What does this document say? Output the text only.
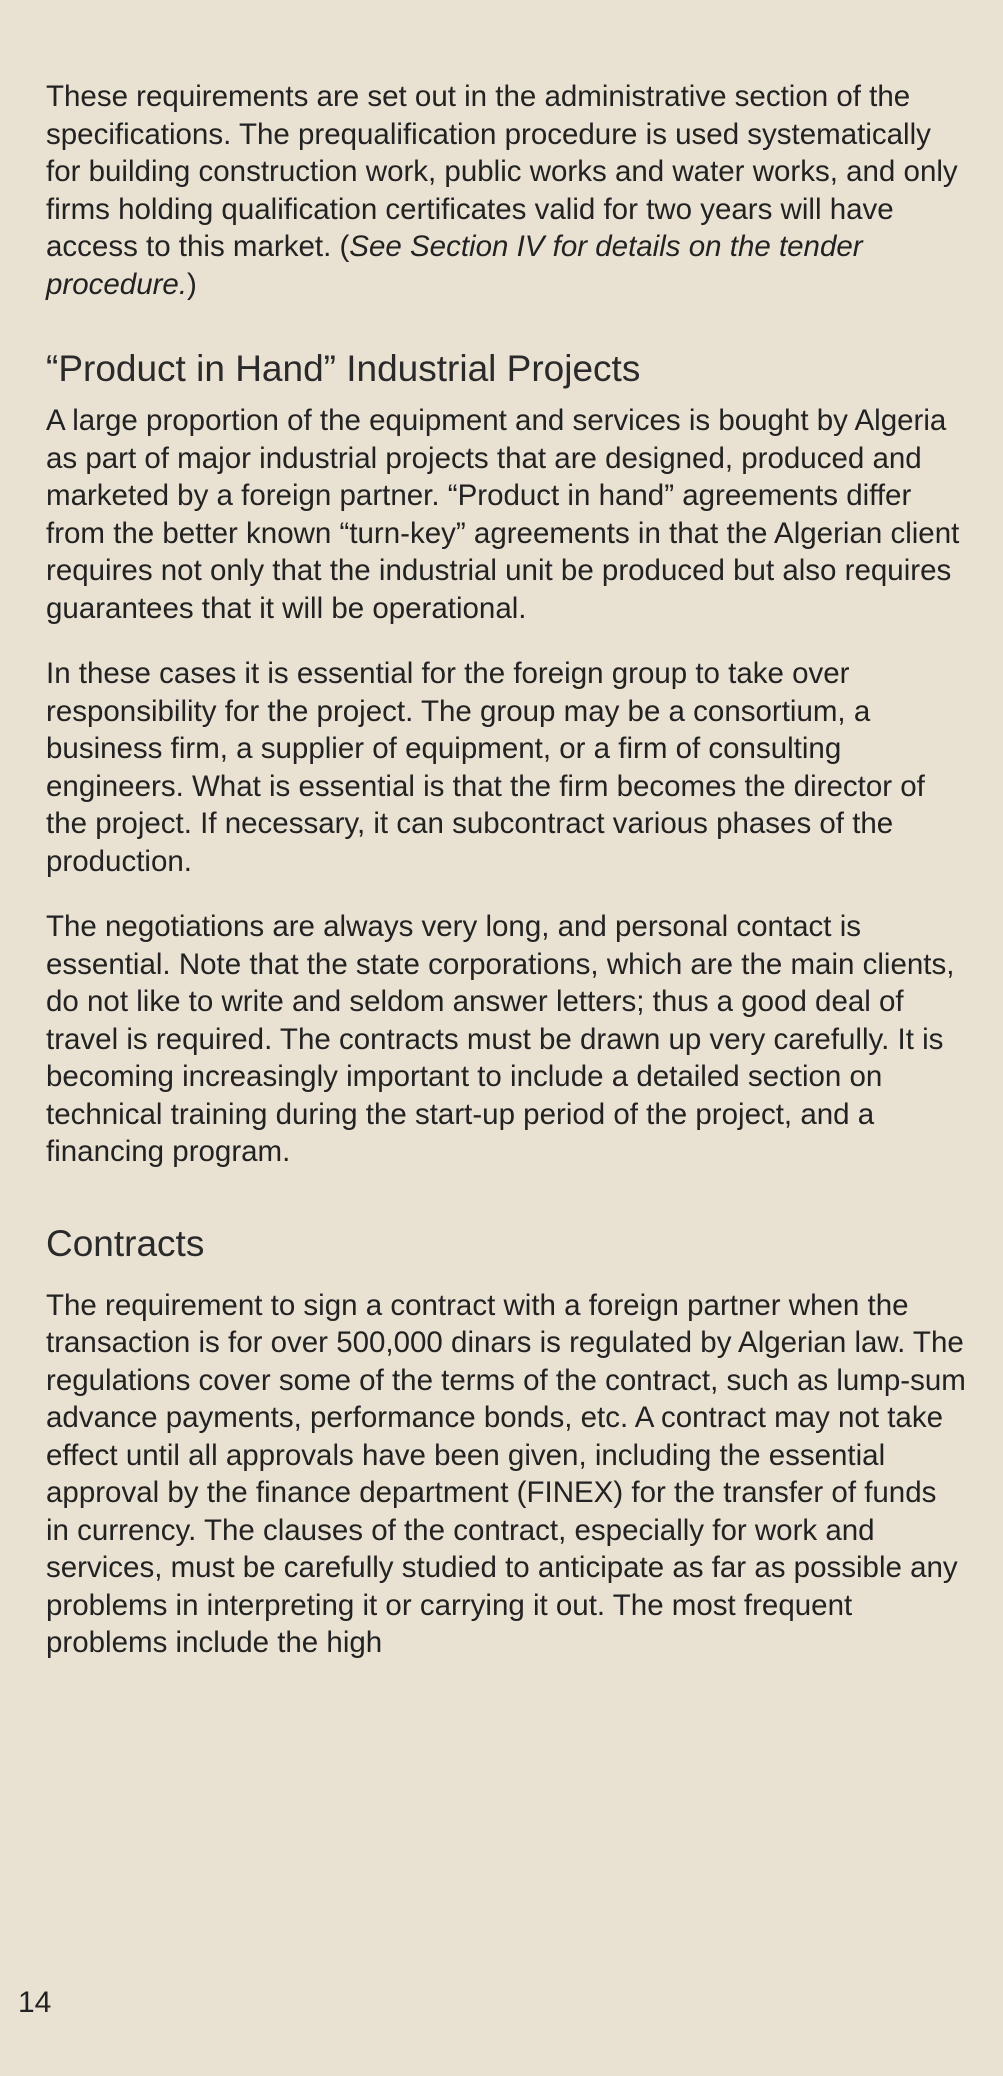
These requirements are set out in the administrative section of the specifications. The prequalification procedure is used systematically for building construction work, public works and water works, and only firms holding qualification certificates valid for two years will have access to this market. (See Section IV for details on the tender procedure.)

“Product in Hand” Industrial Projects

A large proportion of the equipment and services is bought by Algeria as part of major industrial projects that are designed, produced and marketed by a foreign partner. “Product in hand” agreements differ from the better known “turn-key” agreements in that the Algerian client requires not only that the industrial unit be produced but also requires guarantees that it will be operational.

In these cases it is essential for the foreign group to take over responsibility for the project. The group may be a consortium, a business firm, a supplier of equipment, or a firm of consulting engineers. What is essential is that the firm becomes the director of the project. If necessary, it can subcontract various phases of the production.

The negotiations are always very long, and personal contact is essential. Note that the state corporations, which are the main clients, do not like to write and seldom answer letters; thus a good deal of travel is required. The contracts must be drawn up very carefully. It is becoming increasingly important to include a detailed section on technical training during the start-up period of the project, and a financing program.

Contracts

The requirement to sign a contract with a foreign partner when the transaction is for over 500,000 dinars is regulated by Algerian law. The regulations cover some of the terms of the contract, such as lump-sum advance payments, performance bonds, etc. A contract may not take effect until all approvals have been given, including the essential approval by the finance department (FINEX) for the transfer of funds in currency. The clauses of the contract, especially for work and services, must be carefully studied to anticipate as far as possible any problems in interpreting it or carrying it out. The most frequent problems include the high

14
